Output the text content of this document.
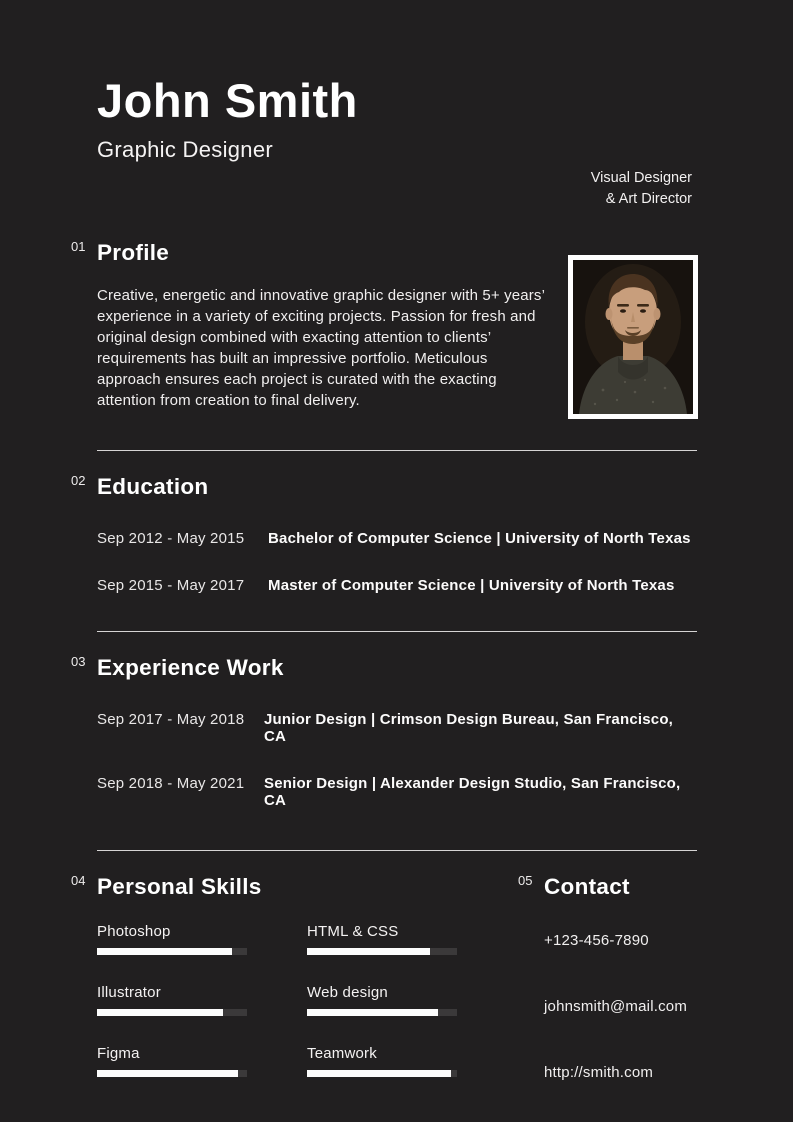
John Smith
Graphic Designer
Visual Designer
& Art Director
01 Profile
Creative, energetic and innovative graphic designer with 5+ years’ experience in a variety of exciting projects. Passion for fresh and original design combined with exacting attention to clients’ requirements has built an impressive portfolio. Meticulous approach ensures each project is curated with the exacting attention from creation to final delivery.
02 Education
Sep 2012 - May 2015	Bachelor of Computer Science | University of North Texas
Sep 2015 - May 2017	Master of Computer Science | University of North Texas
03 Experience Work
Sep 2017 - May 2018 Junior Design | Crimson Design Bureau, San Francisco, CA
Sep 2018 - May 2021 Senior Design | Alexander Design Studio, San Francisco, CA
04 Personal Skills
Photoshop	HTML & CSS
Illustrator	Web design
Figma	Teamwork
05 Contact
+123-456-7890
johnsmith@mail.com
http://smith.com
